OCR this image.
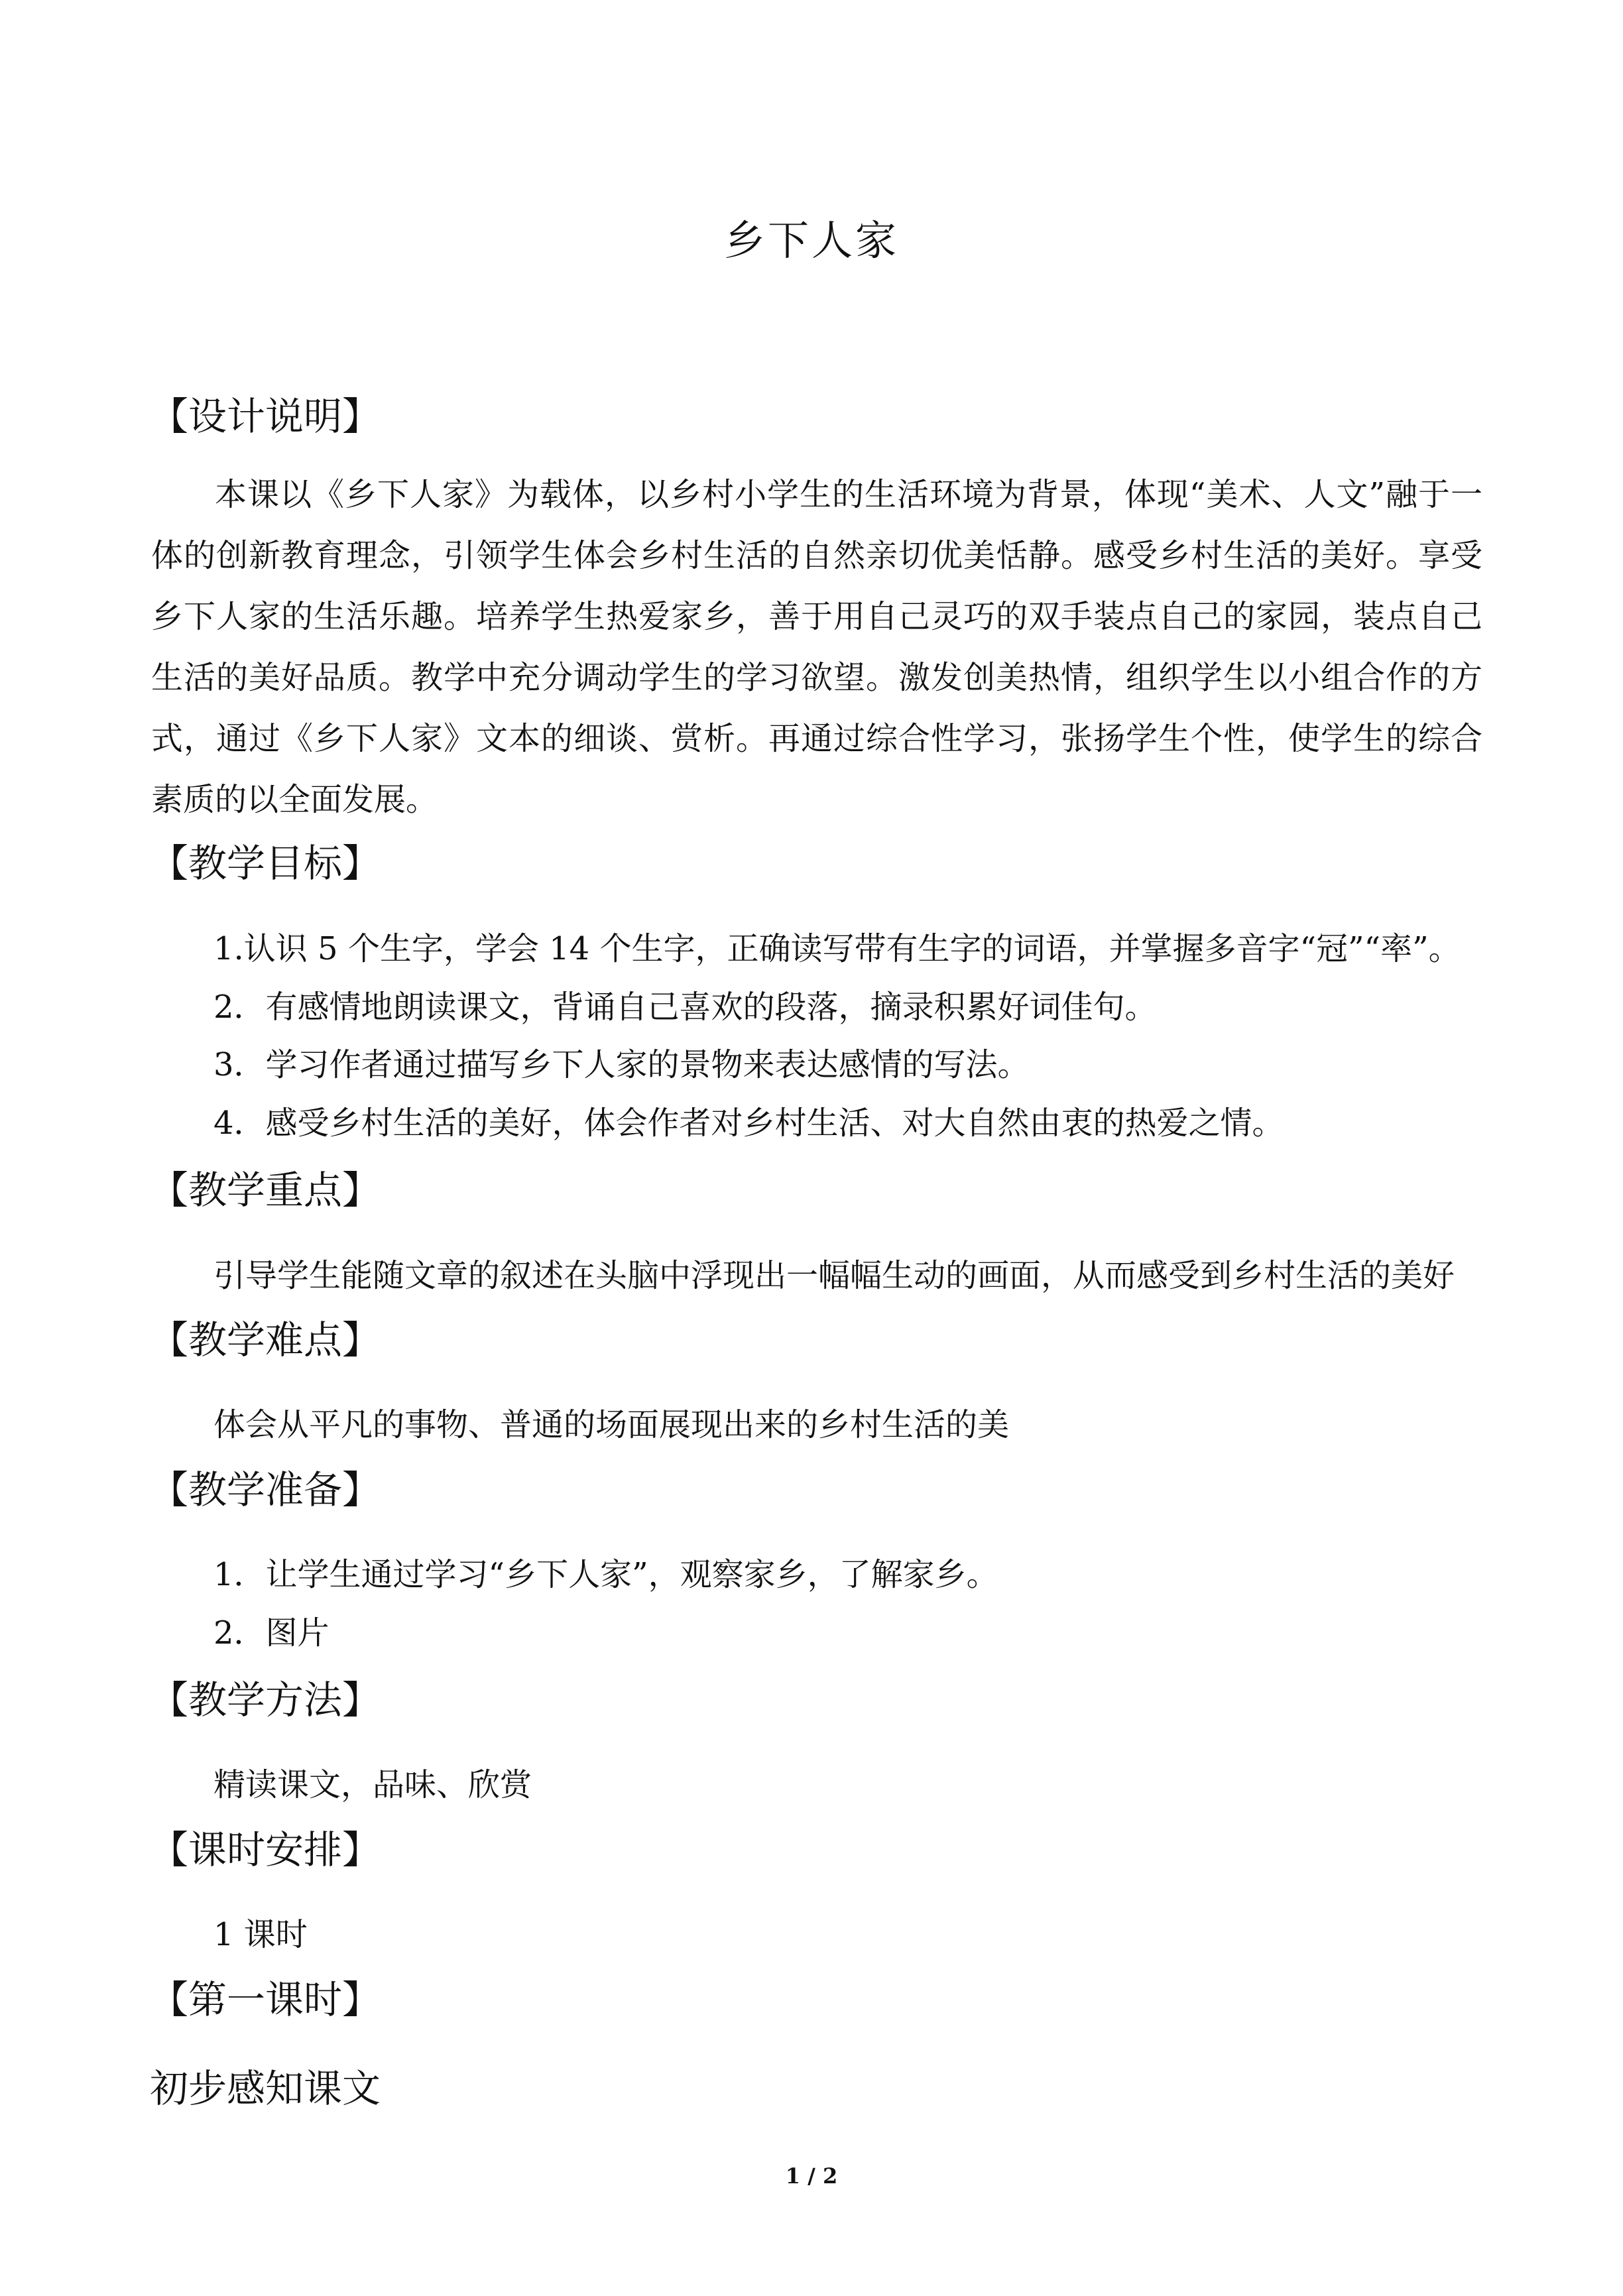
乡下人家
【设计说明】

本课以《乡下人家》为载体，以乡村小学生的生活环境为背景，体现“美术、人文”融于一体的创新教育理念，引领学生体会乡村生活的自然亲切优美恬静。感受乡村生活的美好。享受乡下人家的生活乐趣。培养学生热爱家乡，善于用自己灵巧的双手装点自己的家园，装点自己生活的美好品质。教学中充分调动学生的学习欲望。激发创美热情，组织学生以小组合作的方式，通过《乡下人家》文本的细谈、赏析。再通过综合性学习，张扬学生个性，使学生的综合素质的以全面发展。

【教学目标】
1.认识 5 个生字，学会 14 个生字，正确读写带有生字的词语，并掌握多音字“冠”“率”。
2．有感情地朗读课文，背诵自己喜欢的段落，摘录积累好词佳句。
3．学习作者通过描写乡下人家的景物来表达感情的写法。
4．感受乡村生活的美好，体会作者对乡村生活、对大自然由衷的热爱之情。
【教学重点】
引导学生能随文章的叙述在头脑中浮现出一幅幅生动的画面，从而感受到乡村生活的美好
【教学难点】
体会从平凡的事物、普通的场面展现出来的乡村生活的美
【教学准备】
1．让学生通过学习“乡下人家”，观察家乡，了解家乡。
2．图片
【教学方法】
精读课文，品味、欣赏
【课时安排】
1 课时
【第一课时】
初步感知课文
1 / 2
